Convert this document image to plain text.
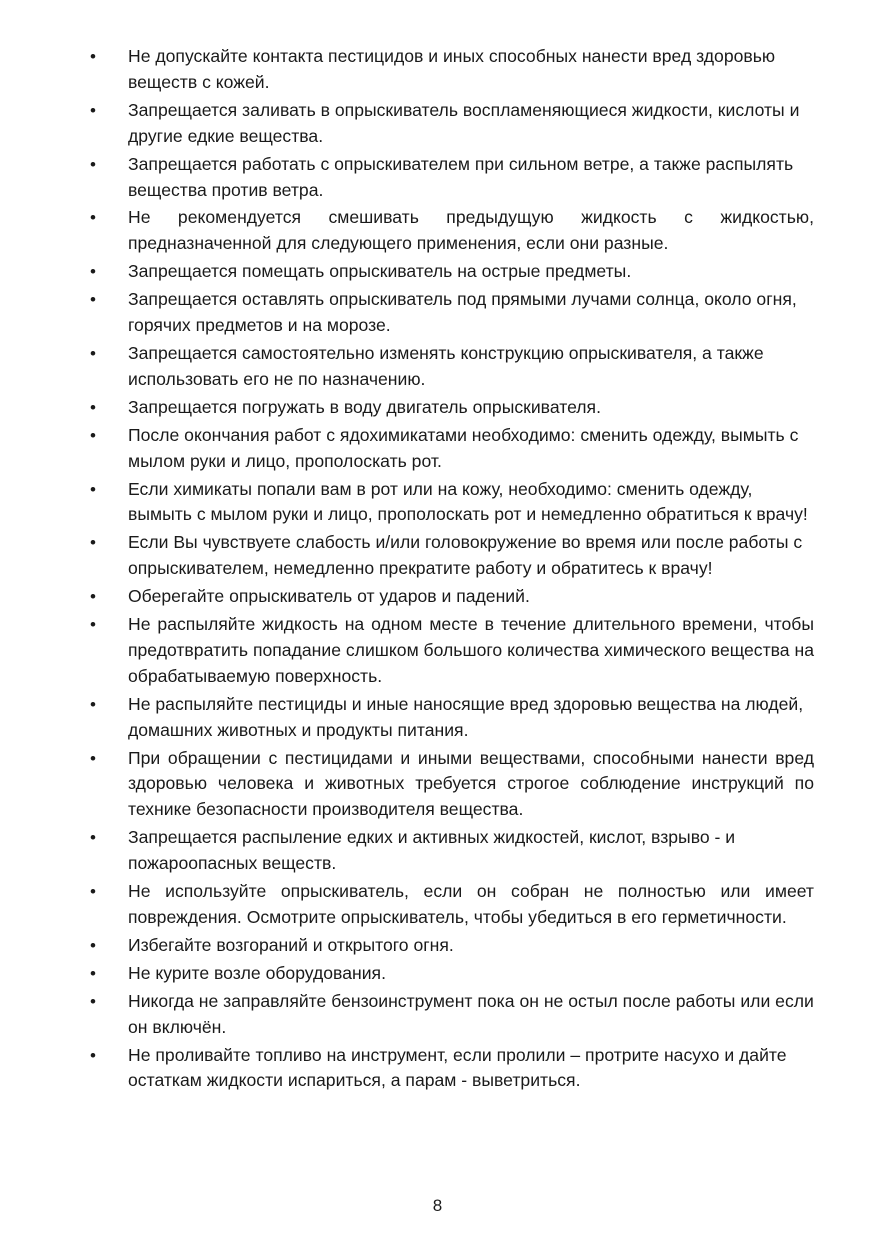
•	Не допускайте контакта пестицидов и иных способных нанести вред здоровью веществ с кожей.
•	Запрещается заливать в опрыскиватель воспламеняющиеся жидкости, кислоты и другие едкие вещества.
•	Запрещается работать с опрыскивателем при сильном ветре, а также распылять вещества против ветра.
•	Не рекомендуется смешивать предыдущую жидкость с жидкостью, предназначенной для следующего применения, если они разные.
•	Запрещается помещать опрыскиватель на острые предметы.
•	Запрещается оставлять опрыскиватель под прямыми лучами солнца, около огня, горячих предметов и на морозе.
•	Запрещается самостоятельно изменять конструкцию опрыскивателя, а также использовать его не по назначению.
•	Запрещается погружать в воду двигатель опрыскивателя.
•	После окончания работ с ядохимикатами необходимо: сменить одежду, вымыть с мылом руки и лицо, прополоскать рот.
•	Если химикаты попали вам в рот или на кожу, необходимо: сменить одежду, вымыть с мылом руки и лицо, прополоскать рот и немедленно обратиться к врачу!
•	Если Вы чувствуете слабость и/или головокружение во время или после работы с опрыскивателем, немедленно прекратите работу и обратитесь к врачу!
•	Оберегайте опрыскиватель от ударов и падений.
•	Не распыляйте жидкость на одном месте в течение длительного времени, чтобы предотвратить попадание слишком большого количества химического вещества на обрабатываемую поверхность.
•	Не распыляйте пестициды и иные наносящие вред здоровью вещества на людей, домашних животных и продукты питания.
•	При обращении с пестицидами и иными веществами, способными нанести вред здоровью человека и животных требуется строгое соблюдение инструкций по технике безопасности производителя вещества.
•	Запрещается распыление едких и активных жидкостей, кислот, взрыво - и пожароопасных веществ.
•	Не используйте опрыскиватель, если он собран не полностью или имеет повреждения. Осмотрите опрыскиватель, чтобы убедиться в его герметичности.
•	Избегайте возгораний и открытого огня.
•	Не курите возле оборудования.
•	Никогда не заправляйте бензоинструмент пока он не остыл после работы или если он включён.
•	Не проливайте топливо на инструмент, если пролили – протрите насухо и дайте остаткам жидкости испариться, а парам - выветриться.
8
